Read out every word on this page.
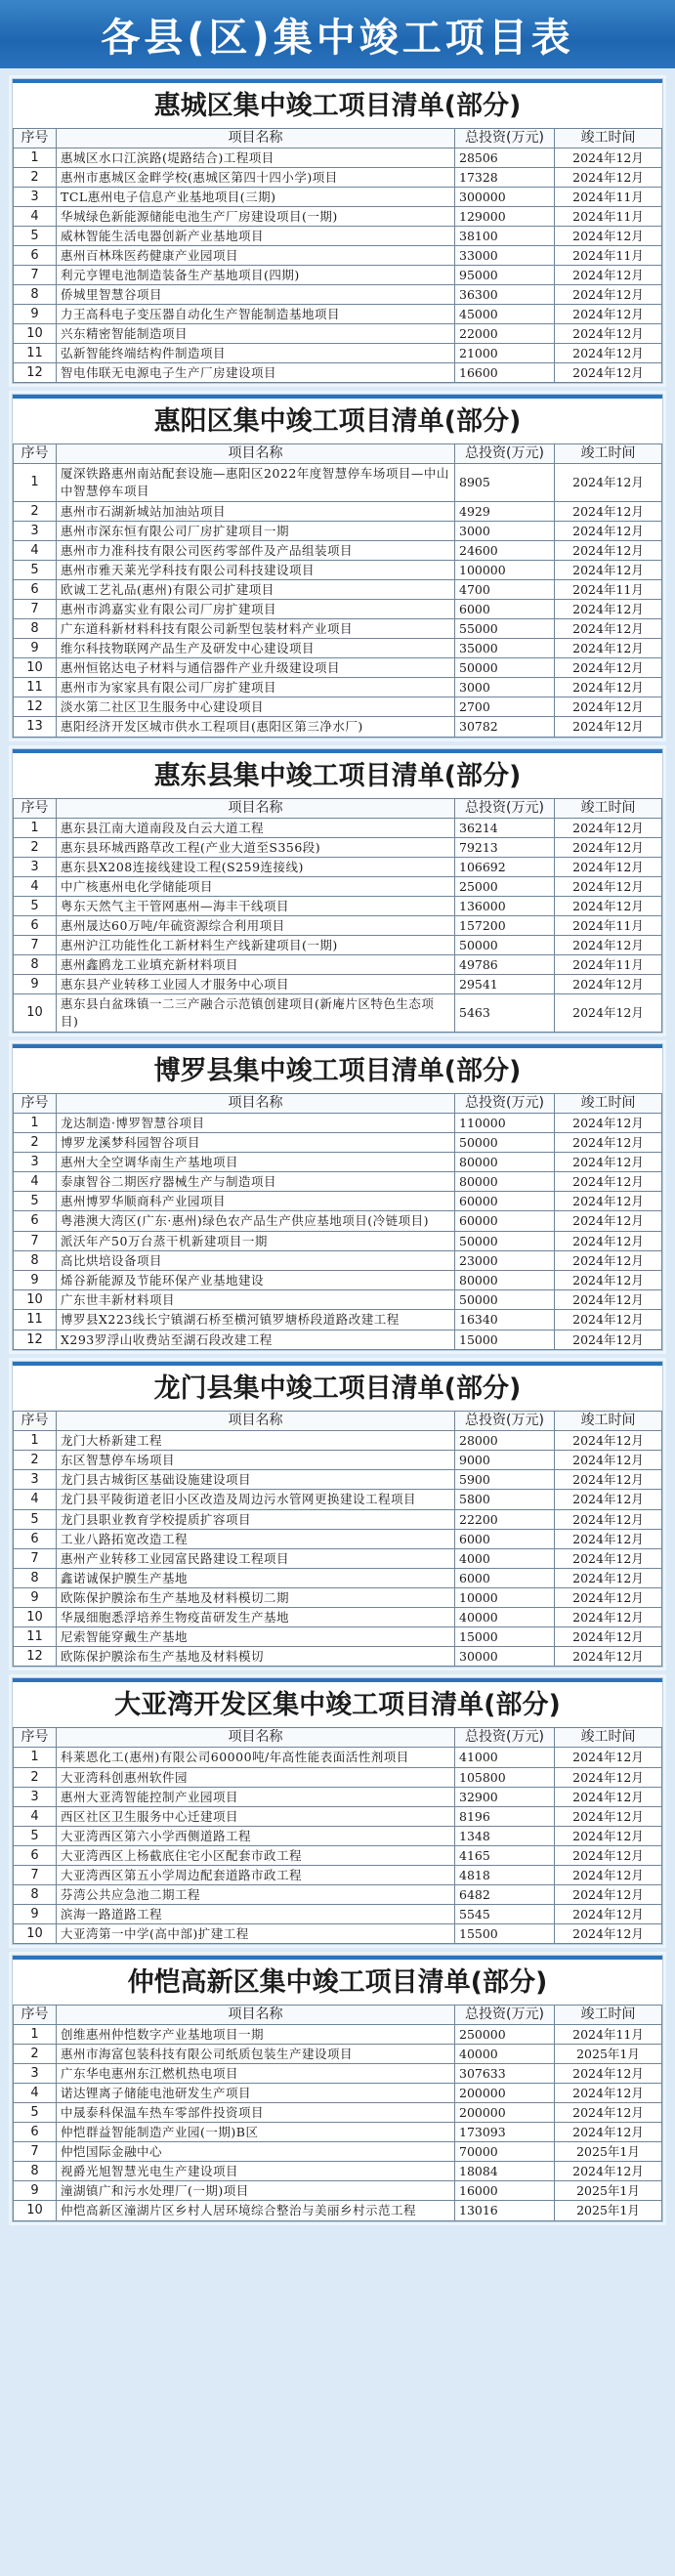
各县(区)集中竣工项目表
惠城区集中竣工项目清单(部分)
序号	项目名称	总投资(万元)	竣工时间
1	惠城区水口江滨路(堤路结合)工程项目	28506	2024年12月
2	惠州市惠城区金畔学校(惠城区第四十四小学)项目	17328	2024年12月
3	TCL惠州电子信息产业基地项目(三期)	300000	2024年11月
4	华城绿色新能源储能电池生产厂房建设项目(一期)	129000	2024年11月
5	威林智能生活电器创新产业基地项目	38100	2024年12月
6	惠州百林珠医药健康产业园项目	33000	2024年11月
7	利元亨锂电池制造装备生产基地项目(四期)	95000	2024年12月
8	侨城里智慧谷项目	36300	2024年12月
9	力王高科电子变压器自动化生产智能制造基地项目	45000	2024年12月
10	兴东精密智能制造项目	22000	2024年12月
11	弘新智能终端结构件制造项目	21000	2024年12月
12	智电伟联无电源电子生产厂房建设项目	16600	2024年12月
惠阳区集中竣工项目清单(部分)
序号	项目名称	总投资(万元)	竣工时间
1	厦深铁路惠州南站配套设施—惠阳区2022年度智慧停车场项目—中山中智慧停车项目	8905	2024年12月
2	惠州市石湖新城站加油站项目	4929	2024年12月
3	惠州市深东恒有限公司厂房扩建项目一期	3000	2024年12月
4	惠州市力准科技有限公司医药零部件及产品组装项目	24600	2024年12月
5	惠州市雅天莱光学科技有限公司科技建设项目	100000	2024年12月
6	欧诚工艺礼品(惠州)有限公司扩建项目	4700	2024年11月
7	惠州市鸿嘉实业有限公司厂房扩建项目	6000	2024年12月
8	广东道科新材料科技有限公司新型包装材料产业项目	55000	2024年12月
9	维尔科技物联网产品生产及研发中心建设项目	35000	2024年12月
10	惠州恒铭达电子材料与通信器件产业升级建设项目	50000	2024年12月
11	惠州市为家家具有限公司厂房扩建项目	3000	2024年12月
12	淡水第二社区卫生服务中心建设项目	2700	2024年12月
13	惠阳经济开发区城市供水工程项目(惠阳区第三净水厂)	30782	2024年12月
惠东县集中竣工项目清单(部分)
序号	项目名称	总投资(万元)	竣工时间
1	惠东县江南大道南段及白云大道工程	36214	2024年12月
2	惠东县环城西路草改工程(产业大道至S356段)	79213	2024年12月
3	惠东县X208连接线建设工程(S259连接线)	106692	2024年12月
4	中广核惠州电化学储能项目	25000	2024年12月
5	粤东天然气主干管网惠州—海丰干线项目	136000	2024年12月
6	惠州晟达60万吨/年硫资源综合利用项目	157200	2024年11月
7	惠州沪江功能性化工新材料生产线新建项目(一期)	50000	2024年12月
8	惠州鑫鸥龙工业填充新材料项目	49786	2024年11月
9	惠东县产业转移工业园人才服务中心项目	29541	2024年12月
10	惠东县白盆珠镇一二三产融合示范镇创建项目(新庵片区特色生态项目)	5463	2024年12月
博罗县集中竣工项目清单(部分)
序号	项目名称	总投资(万元)	竣工时间
1	龙达制造·博罗智慧谷项目	110000	2024年12月
2	博罗龙溪梦科园智谷项目	50000	2024年12月
3	惠州大全空调华南生产基地项目	80000	2024年12月
4	泰康智谷二期医疗器械生产与制造项目	80000	2024年12月
5	惠州博罗华顺商科产业园项目	60000	2024年12月
6	粤港澳大湾区(广东·惠州)绿色农产品生产供应基地项目(冷链项目)	60000	2024年12月
7	派沃年产50万台蒸干机新建项目一期	50000	2024年12月
8	高比烘培设备项目	23000	2024年12月
9	烯谷新能源及节能环保产业基地建设	80000	2024年12月
10	广东世丰新材料项目	50000	2024年12月
11	博罗县X223线长宁镇湖石桥至横河镇罗塘桥段道路改建工程	16340	2024年12月
12	X293罗浮山收费站至湖石段改建工程	15000	2024年12月
龙门县集中竣工项目清单(部分)
序号	项目名称	总投资(万元)	竣工时间
1	龙门大桥新建工程	28000	2024年12月
2	东区智慧停车场项目	9000	2024年12月
3	龙门县古城街区基础设施建设项目	5900	2024年12月
4	龙门县平陵街道老旧小区改造及周边污水管网更换建设工程项目	5800	2024年12月
5	龙门县职业教育学校提质扩容项目	22200	2024年12月
6	工业八路拓宽改造工程	6000	2024年12月
7	惠州产业转移工业园富民路建设工程项目	4000	2024年12月
8	鑫诺诚保护膜生产基地	6000	2024年12月
9	欧陈保护膜涂布生产基地及材料模切二期	10000	2024年12月
10	华晟细胞悉浮培养生物疫苗研发生产基地	40000	2024年12月
11	尼索智能穿戴生产基地	15000	2024年12月
12	欧陈保护膜涂布生产基地及材料模切	30000	2024年12月
大亚湾开发区集中竣工项目清单(部分)
序号	项目名称	总投资(万元)	竣工时间
1	科莱恩化工(惠州)有限公司60000吨/年高性能表面活性剂项目	41000	2024年12月
2	大亚湾科创惠州软件园	105800	2024年12月
3	惠州大亚湾智能控制产业园项目	32900	2024年12月
4	西区社区卫生服务中心迁建项目	8196	2024年12月
5	大亚湾西区第六小学西侧道路工程	1348	2024年12月
6	大亚湾西区上杨截底住宅小区配套市政工程	4165	2024年12月
7	大亚湾西区第五小学周边配套道路市政工程	4818	2024年12月
8	芬湾公共应急池二期工程	6482	2024年12月
9	滨海一路道路工程	5545	2024年12月
10	大亚湾第一中学(高中部)扩建工程	15500	2024年12月
仲恺高新区集中竣工项目清单(部分)
序号	项目名称	总投资(万元)	竣工时间
1	创维惠州仲恺数字产业基地项目一期	250000	2024年11月
2	惠州市海富包装科技有限公司纸质包装生产建设项目	40000	2025年1月
3	广东华电惠州东江燃机热电项目	307633	2024年12月
4	诺达锂离子储能电池研发生产项目	200000	2024年12月
5	中晟泰科保温车热车零部件投资项目	200000	2024年12月
6	仲恺群益智能制造产业园(一期)B区	173093	2024年12月
7	仲恺国际金融中心	70000	2025年1月
8	视爵光旭智慧光电生产建设项目	18084	2024年12月
9	潼湖镇广和污水处理厂(一期)项目	16000	2025年1月
10	仲恺高新区潼湖片区乡村人居环境综合整治与美丽乡村示范工程	13016	2025年1月
